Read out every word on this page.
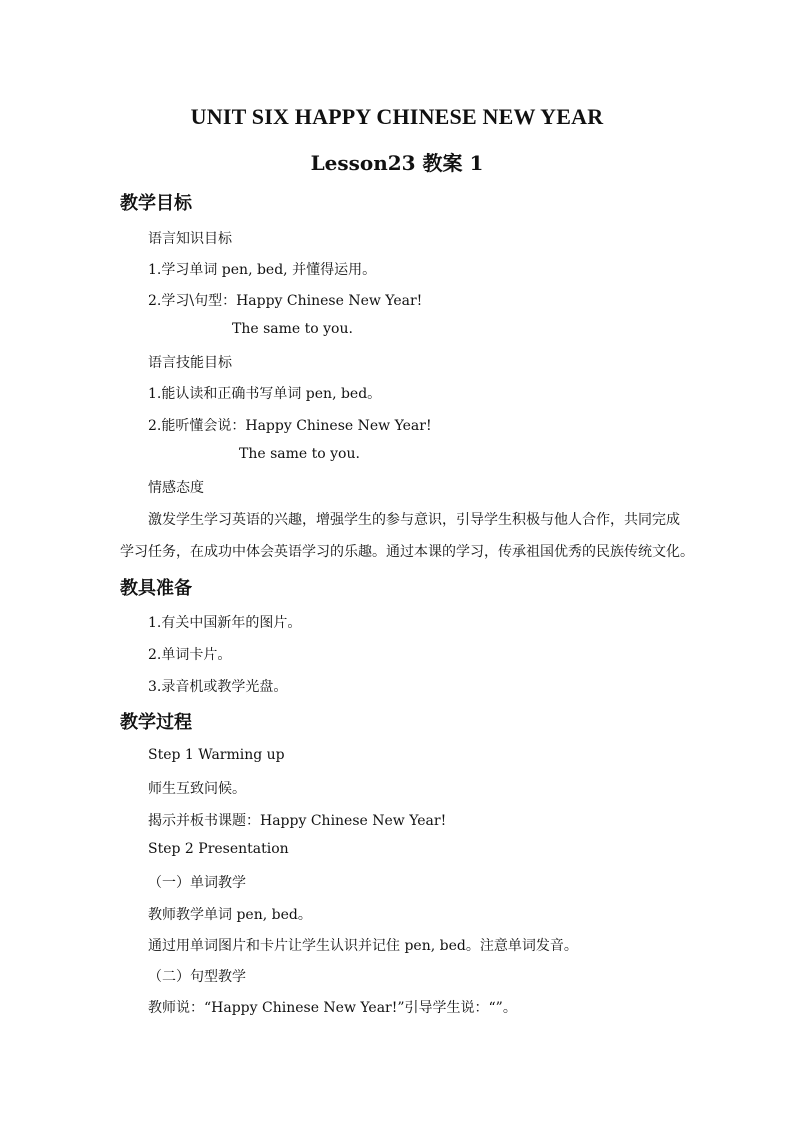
UNIT SIX HAPPY CHINESE NEW YEAR
Lesson23 教案 1
教学目标
语言知识目标
1.学习单词 pen, bed, 并懂得运用。
2.学习\句型：Happy Chinese New Year!
The same to you.
语言技能目标
1.能认读和正确书写单词 pen, bed。
2.能听懂会说：Happy Chinese New Year!
The same to you.
情感态度
激发学生学习英语的兴趣，增强学生的参与意识，引导学生积极与他人合作，共同完成
学习任务，在成功中体会英语学习的乐趣。通过本课的学习，传承祖国优秀的民族传统文化。
教具准备
1.有关中国新年的图片。
2.单词卡片。
3.录音机或教学光盘。
教学过程
Step 1 Warming up
师生互致问候。
揭示并板书课题：Happy Chinese New Year!
Step 2 Presentation
（一）单词教学
教师教学单词 pen, bed。
通过用单词图片和卡片让学生认识并记住 pen, bed。注意单词发音。
（二）句型教学
教师说：“Happy Chinese New Year!”引导学生说：“”。
